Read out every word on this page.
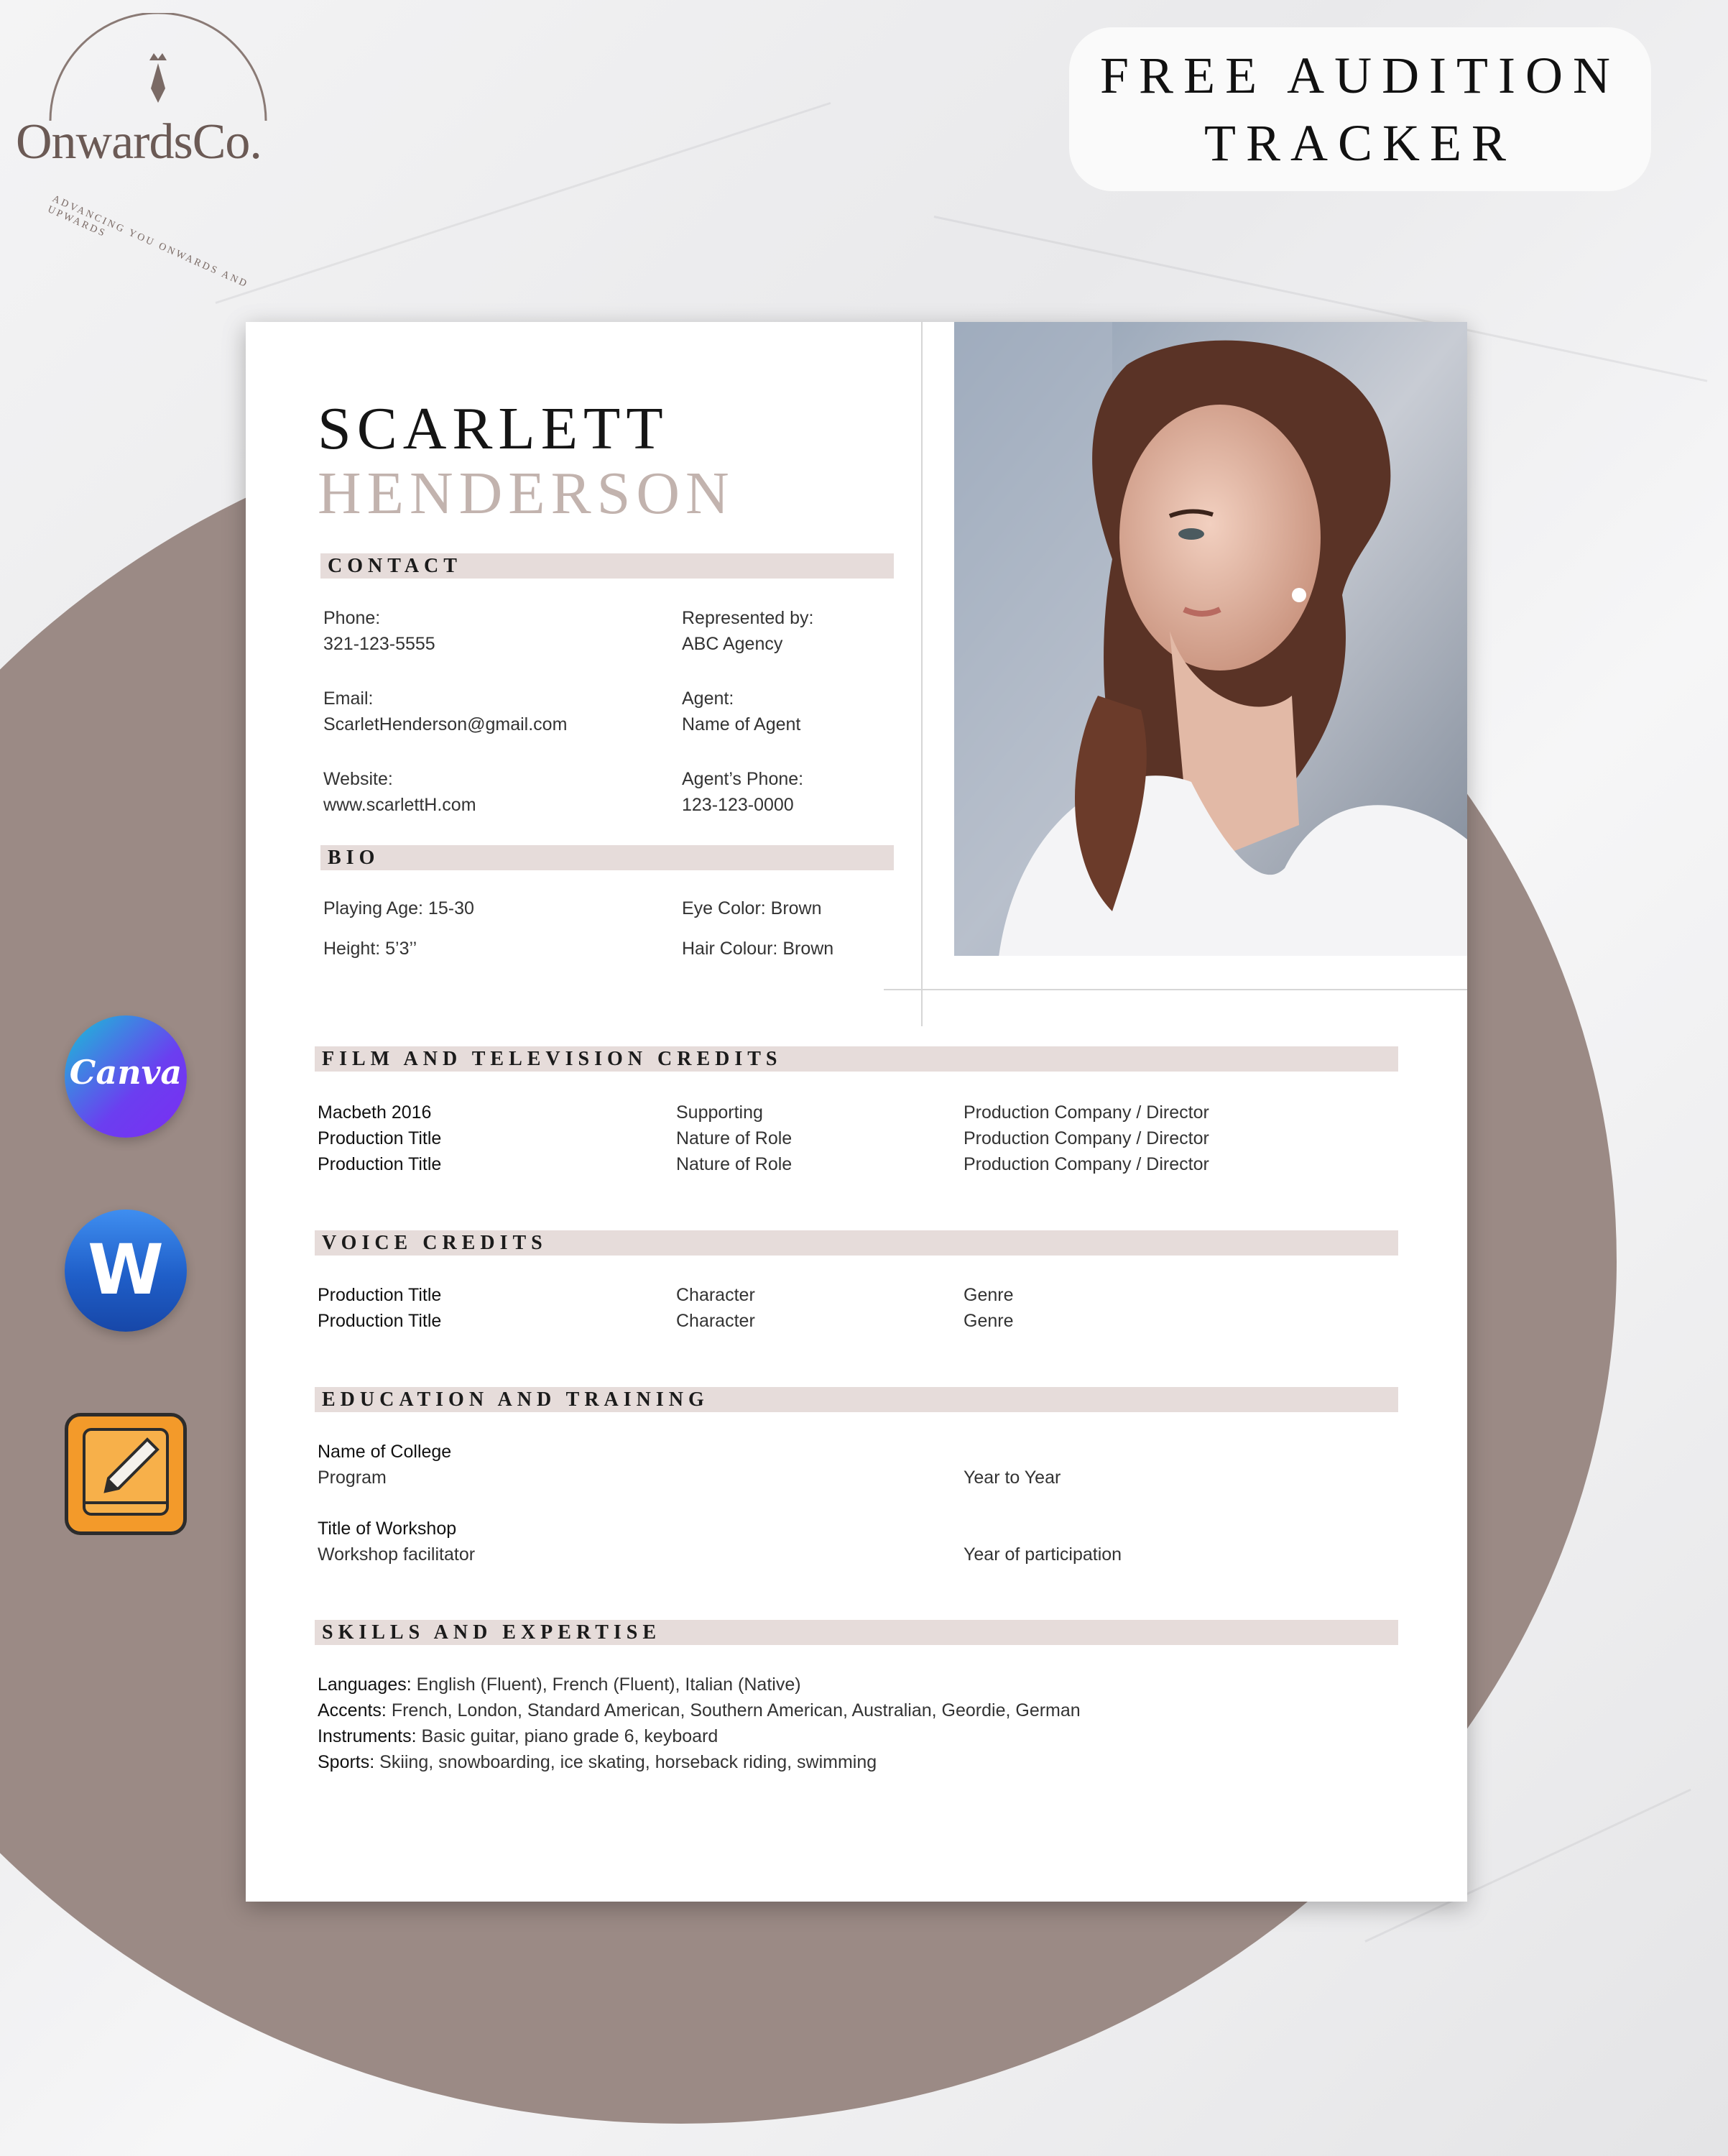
OnwardsCo.
ADVANCING YOU ONWARDS AND UPWARDS
FREE AUDITION
TRACKER
Canva
W
SCARLETT
HENDERSON
CONTACT
Phone:
321-123-5555
Email:
ScarletHenderson@gmail.com
Website:
www.scarlettH.com
Represented by:
ABC Agency
Agent:
Name of Agent
Agent’s Phone:
123-123-0000
BIO
Playing Age: 15-30
Height: 5’3’’
Eye Color: Brown
Hair Colour: Brown
FILM AND TELEVISION CREDITS
Macbeth 2016	Supporting	Production Company / Director
Production Title	Nature of Role	Production Company / Director
Production Title	Nature of Role	Production Company / Director
VOICE CREDITS
Production Title	Character	Genre
Production Title	Character	Genre
EDUCATION AND TRAINING
Name of College
Program	Year to Year
Title of Workshop
Workshop facilitator	Year of participation
SKILLS AND EXPERTISE
Languages: English (Fluent), French (Fluent), Italian (Native)
Accents: French, London, Standard American, Southern American, Australian, Geordie, German
Instruments: Basic guitar, piano grade 6, keyboard
Sports: Skiing, snowboarding, ice skating, horseback riding, swimming
